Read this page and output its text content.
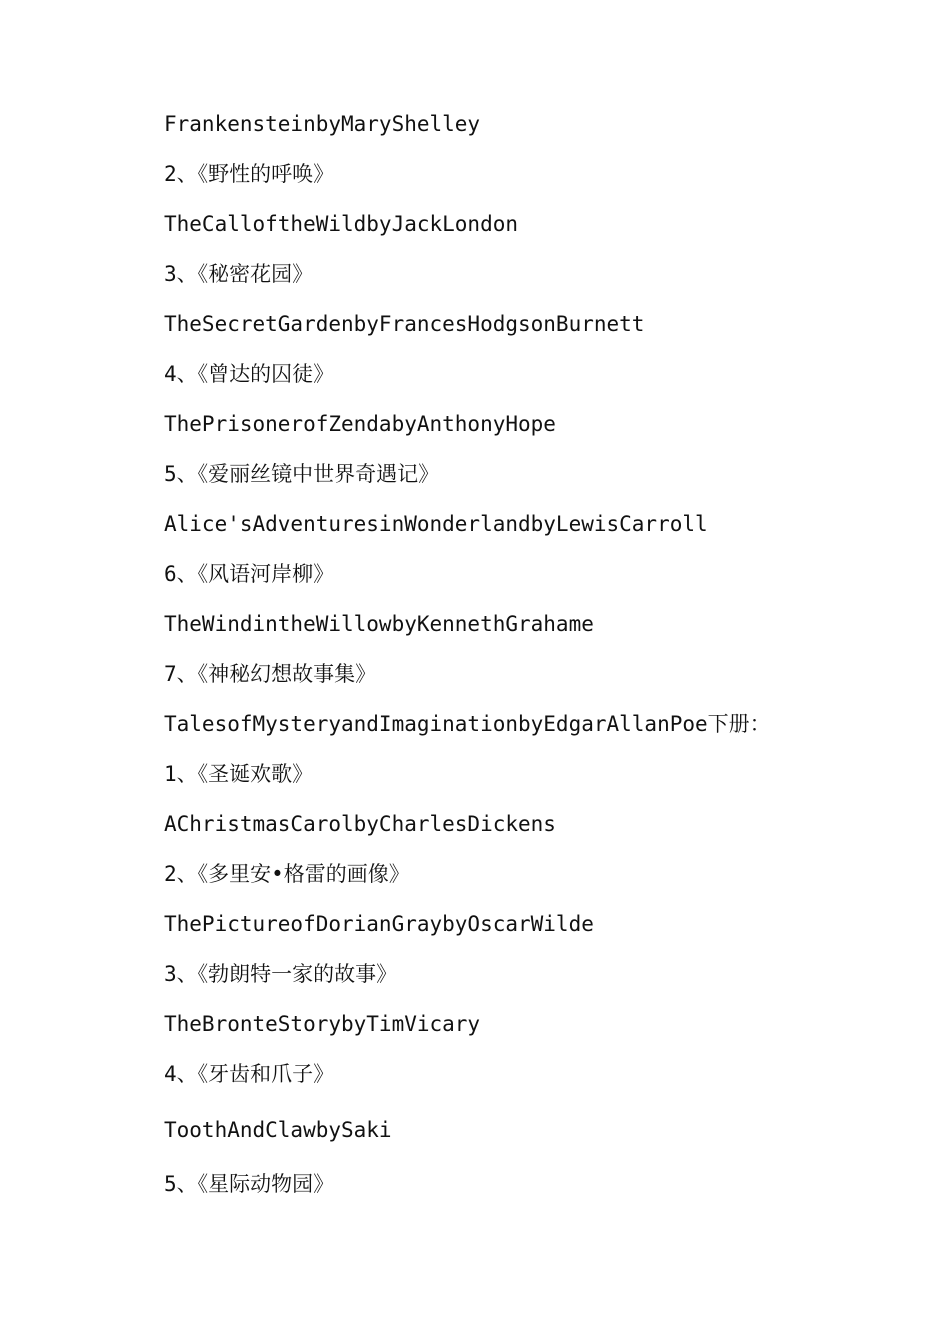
FrankensteinbyMaryShelley
2、《野性的呼唤》
TheCalloftheWildbyJackLondon
3、《秘密花园》
TheSecretGardenbyFrancesHodgsonBurnett
4、《曾达的囚徒》
ThePrisonerofZendabyAnthonyHope
5、《爱丽丝镜中世界奇遇记》
Alice'sAdventuresinWonderlandbyLewisCarroll
6、《风语河岸柳》
TheWindintheWillowbyKennethGrahame
7、《神秘幻想故事集》
TalesofMysteryandImaginationbyEdgarAllanPoe下册：
1、《圣诞欢歌》
AChristmasCarolbyCharlesDickens
2、《多里安•格雷的画像》
ThePictureofDorianGraybyOscarWilde
3、《勃朗特一家的故事》
TheBronteStorybyTimVicary
4、《牙齿和爪子》
ToothAndClawbySaki
5、《星际动物园》
